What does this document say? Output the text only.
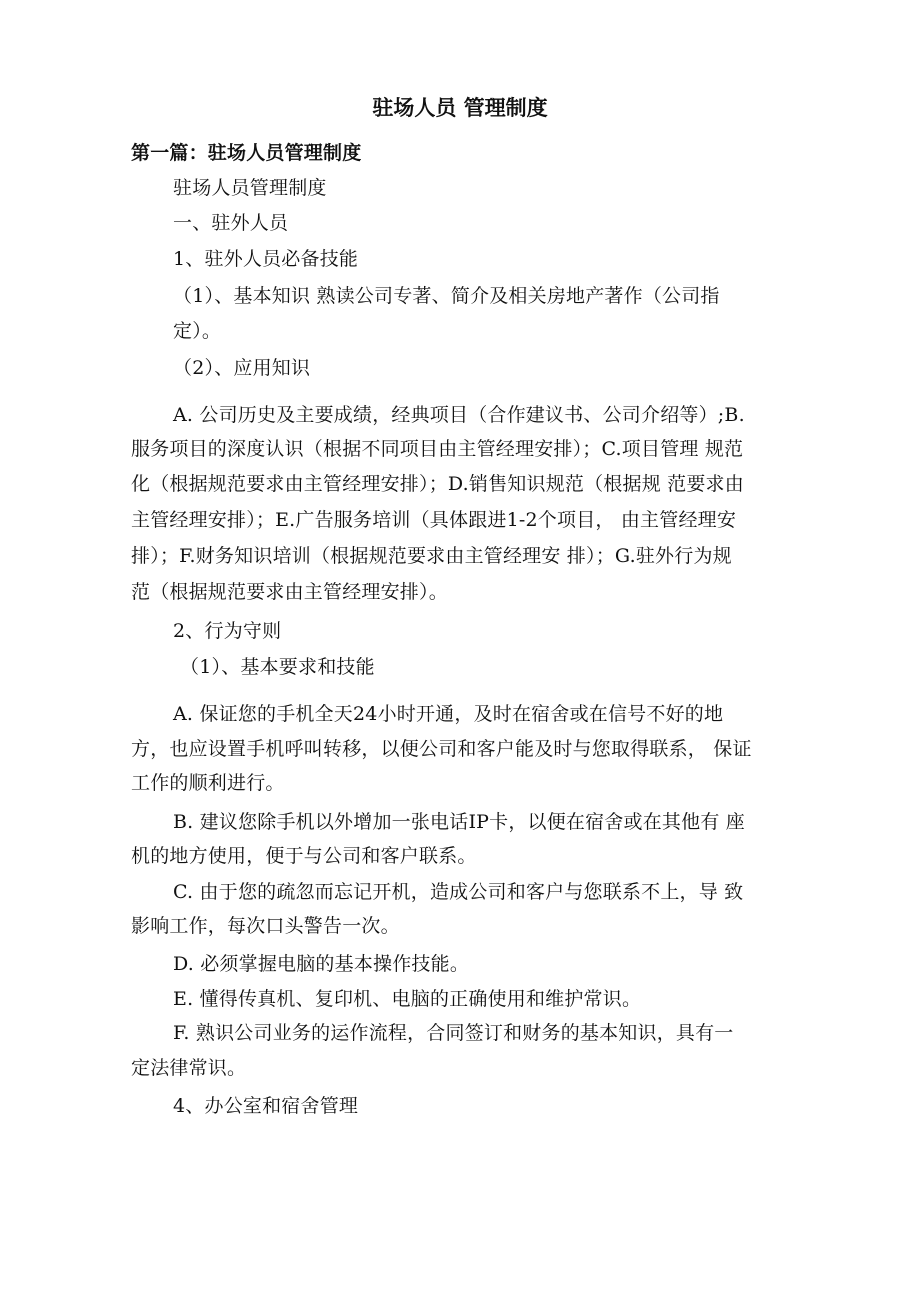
驻场人员 管理制度
第一篇：驻场人员管理制度
驻场人员管理制度
一、驻外人员
1、驻外人员必备技能
（1）、基本知识 熟读公司专著、简介及相关房地产著作（公司指
定）。
（2）、应用知识
A. 公司历史及主要成绩，经典项目（合作建议书、公司介绍等）;B.
服务项目的深度认识（根据不同项目由主管经理安排）；C.项目管理 规范
化（根据规范要求由主管经理安排）；D.销售知识规范（根据规 范要求由
主管经理安排）；E.广告服务培训（具体跟进1-2个项目， 由主管经理安
排）；F.财务知识培训（根据规范要求由主管经理安 排）；G.驻外行为规
范（根据规范要求由主管经理安排）。
2、行为守则
（1）、基本要求和技能
A. 保证您的手机全天24小时开通，及时在宿舍或在信号不好的地
方，也应设置手机呼叫转移，以便公司和客户能及时与您取得联系， 保证
工作的顺利进行。
B. 建议您除手机以外增加一张电话IP卡，以便在宿舍或在其他有 座
机的地方使用，便于与公司和客户联系。
C. 由于您的疏忽而忘记开机，造成公司和客户与您联系不上，导 致
影响工作，每次口头警告一次。
D. 必须掌握电脑的基本操作技能。
E. 懂得传真机、复印机、电脑的正确使用和维护常识。
F. 熟识公司业务的运作流程，合同签订和财务的基本知识，具有一
定法律常识。
4、办公室和宿舍管理
